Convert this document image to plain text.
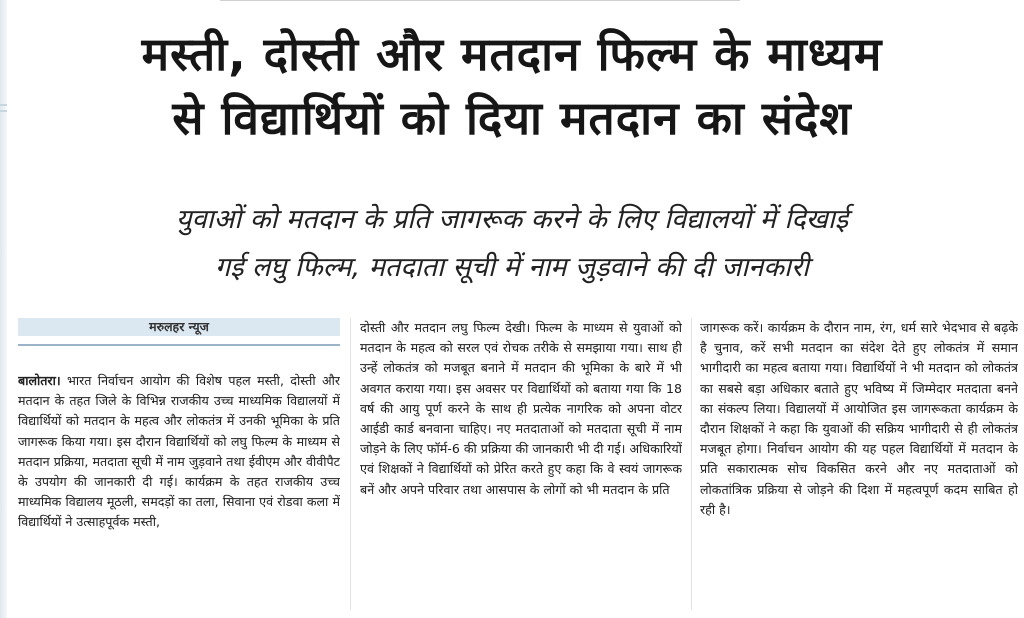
मस्ती, दोस्ती और मतदान फिल्म के माध्यम
से विद्यार्थियों को दिया मतदान का संदेश
युवाओं को मतदान के प्रति जागरूक करने के लिए विद्यालयों में दिखाई
गई लघु फिल्म, मतदाता सूची में नाम जुड़वाने की दी जानकारी
मरुलहर न्यूज

बालोतरा। भारत निर्वाचन आयोग की विशेष पहल मस्ती, दोस्ती और मतदान के तहत जिले के विभिन्न राजकीय उच्च माध्यमिक विद्यालयों में विद्यार्थियों को मतदान के महत्व और लोकतंत्र में उनकी भूमिका के प्रति जागरूक किया गया। इस दौरान विद्यार्थियों को लघु फिल्म के माध्यम से मतदान प्रक्रिया, मतदाता सूची में नाम जुड़वाने तथा ईवीएम और वीवीपैट के उपयोग की जानकारी दी गई। कार्यक्रम के तहत राजकीय उच्च माध्यमिक विद्यालय मूठली, समदड़ों का तला, सिवाना एवं रोडवा कला में विद्यार्थियों ने उत्साहपूर्वक मस्ती,

दोस्ती और मतदान लघु फिल्म देखी। फिल्म के माध्यम से युवाओं को मतदान के महत्व को सरल एवं रोचक तरीके से समझाया गया। साथ ही उन्हें लोकतंत्र को मजबूत बनाने में मतदान की भूमिका के बारे में भी अवगत कराया गया। इस अवसर पर विद्यार्थियों को बताया गया कि 18 वर्ष की आयु पूर्ण करने के साथ ही प्रत्येक नागरिक को अपना वोटर आईडी कार्ड बनवाना चाहिए। नए मतदाताओं को मतदाता सूची में नाम जोड़ने के लिए फॉर्म-6 की प्रक्रिया की जानकारी भी दी गई। अधिकारियों एवं शिक्षकों ने विद्यार्थियों को प्रेरित करते हुए कहा कि वे स्वयं जागरूक बनें और अपने परिवार तथा आसपास के लोगों को भी मतदान के प्रति

जागरूक करें। कार्यक्रम के दौरान नाम, रंग, धर्म सारे भेदभाव से बढ़के है चुनाव, करें सभी मतदान का संदेश देते हुए लोकतंत्र में समान भागीदारी का महत्व बताया गया। विद्यार्थियों ने भी मतदान को लोकतंत्र का सबसे बड़ा अधिकार बताते हुए भविष्य में जिम्मेदार मतदाता बनने का संकल्प लिया। विद्यालयों में आयोजित इस जागरूकता कार्यक्रम के दौरान शिक्षकों ने कहा कि युवाओं की सक्रिय भागीदारी से ही लोकतंत्र मजबूत होगा। निर्वाचन आयोग की यह पहल विद्यार्थियों में मतदान के प्रति सकारात्मक सोच विकसित करने और नए मतदाताओं को लोकतांत्रिक प्रक्रिया से जोड़ने की दिशा में महत्वपूर्ण कदम साबित हो रही है।
